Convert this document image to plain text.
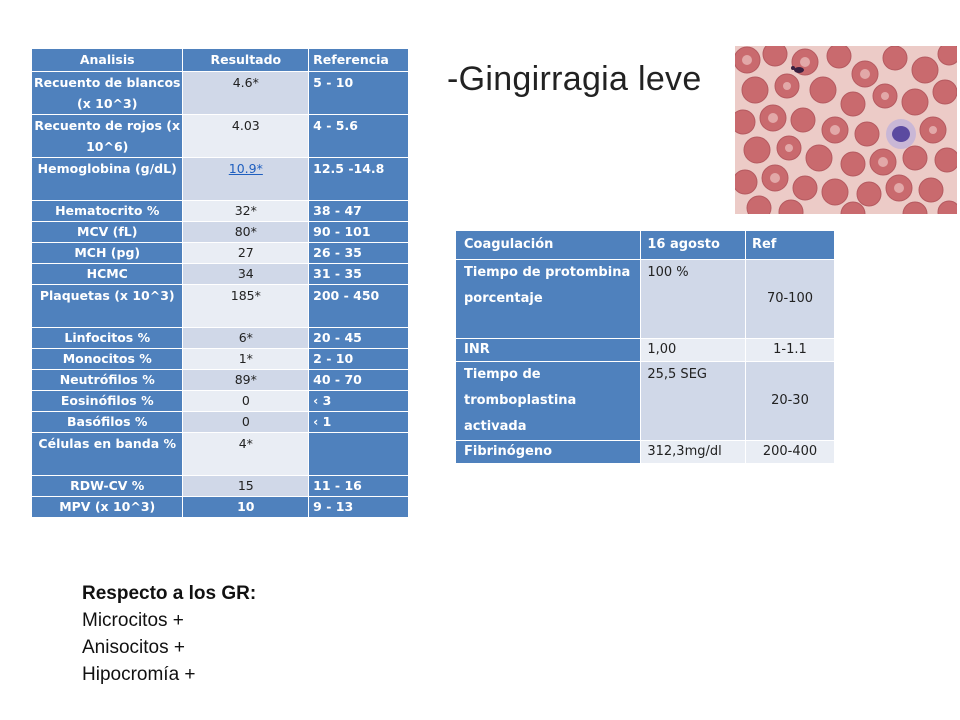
Analisis	Resultado	Referencia
Recuento de blancos (x 10^3)	4.6*	5 - 10
Recuento de rojos (x 10^6)	4.03	4 - 5.6
Hemoglobina (g/dL)	10.9*	12.5 -14.8
Hematocrito %	32*	38 - 47
MCV (fL)	80*	90 - 101
MCH (pg)	27	26 - 35
HCMC	34	31 - 35
Plaquetas (x 10^3)	185*	200 - 450
Linfocitos %	6*	20 - 45
Monocitos %	1*	2 - 10
Neutrófilos %	89*	40 - 70
Eosinófilos %	0	‹ 3
Basófilos %	0	‹ 1
Células en banda %	4*	
RDW-CV %	15	11 - 16
MPV (x 10^3)	10	9 - 13
-Gingirragia leve
Coagulación	16 agosto	Ref
Tiempo de protombina porcentaje	100 %	70-100
INR	1,00	1-1.1
Tiempo de tromboplastina activada	25,5 SEG	20-30
Fibrinógeno	312,3mg/dl	200-400
Respecto a los GR:
Microcitos +
Anisocitos +
Hipocromía +
